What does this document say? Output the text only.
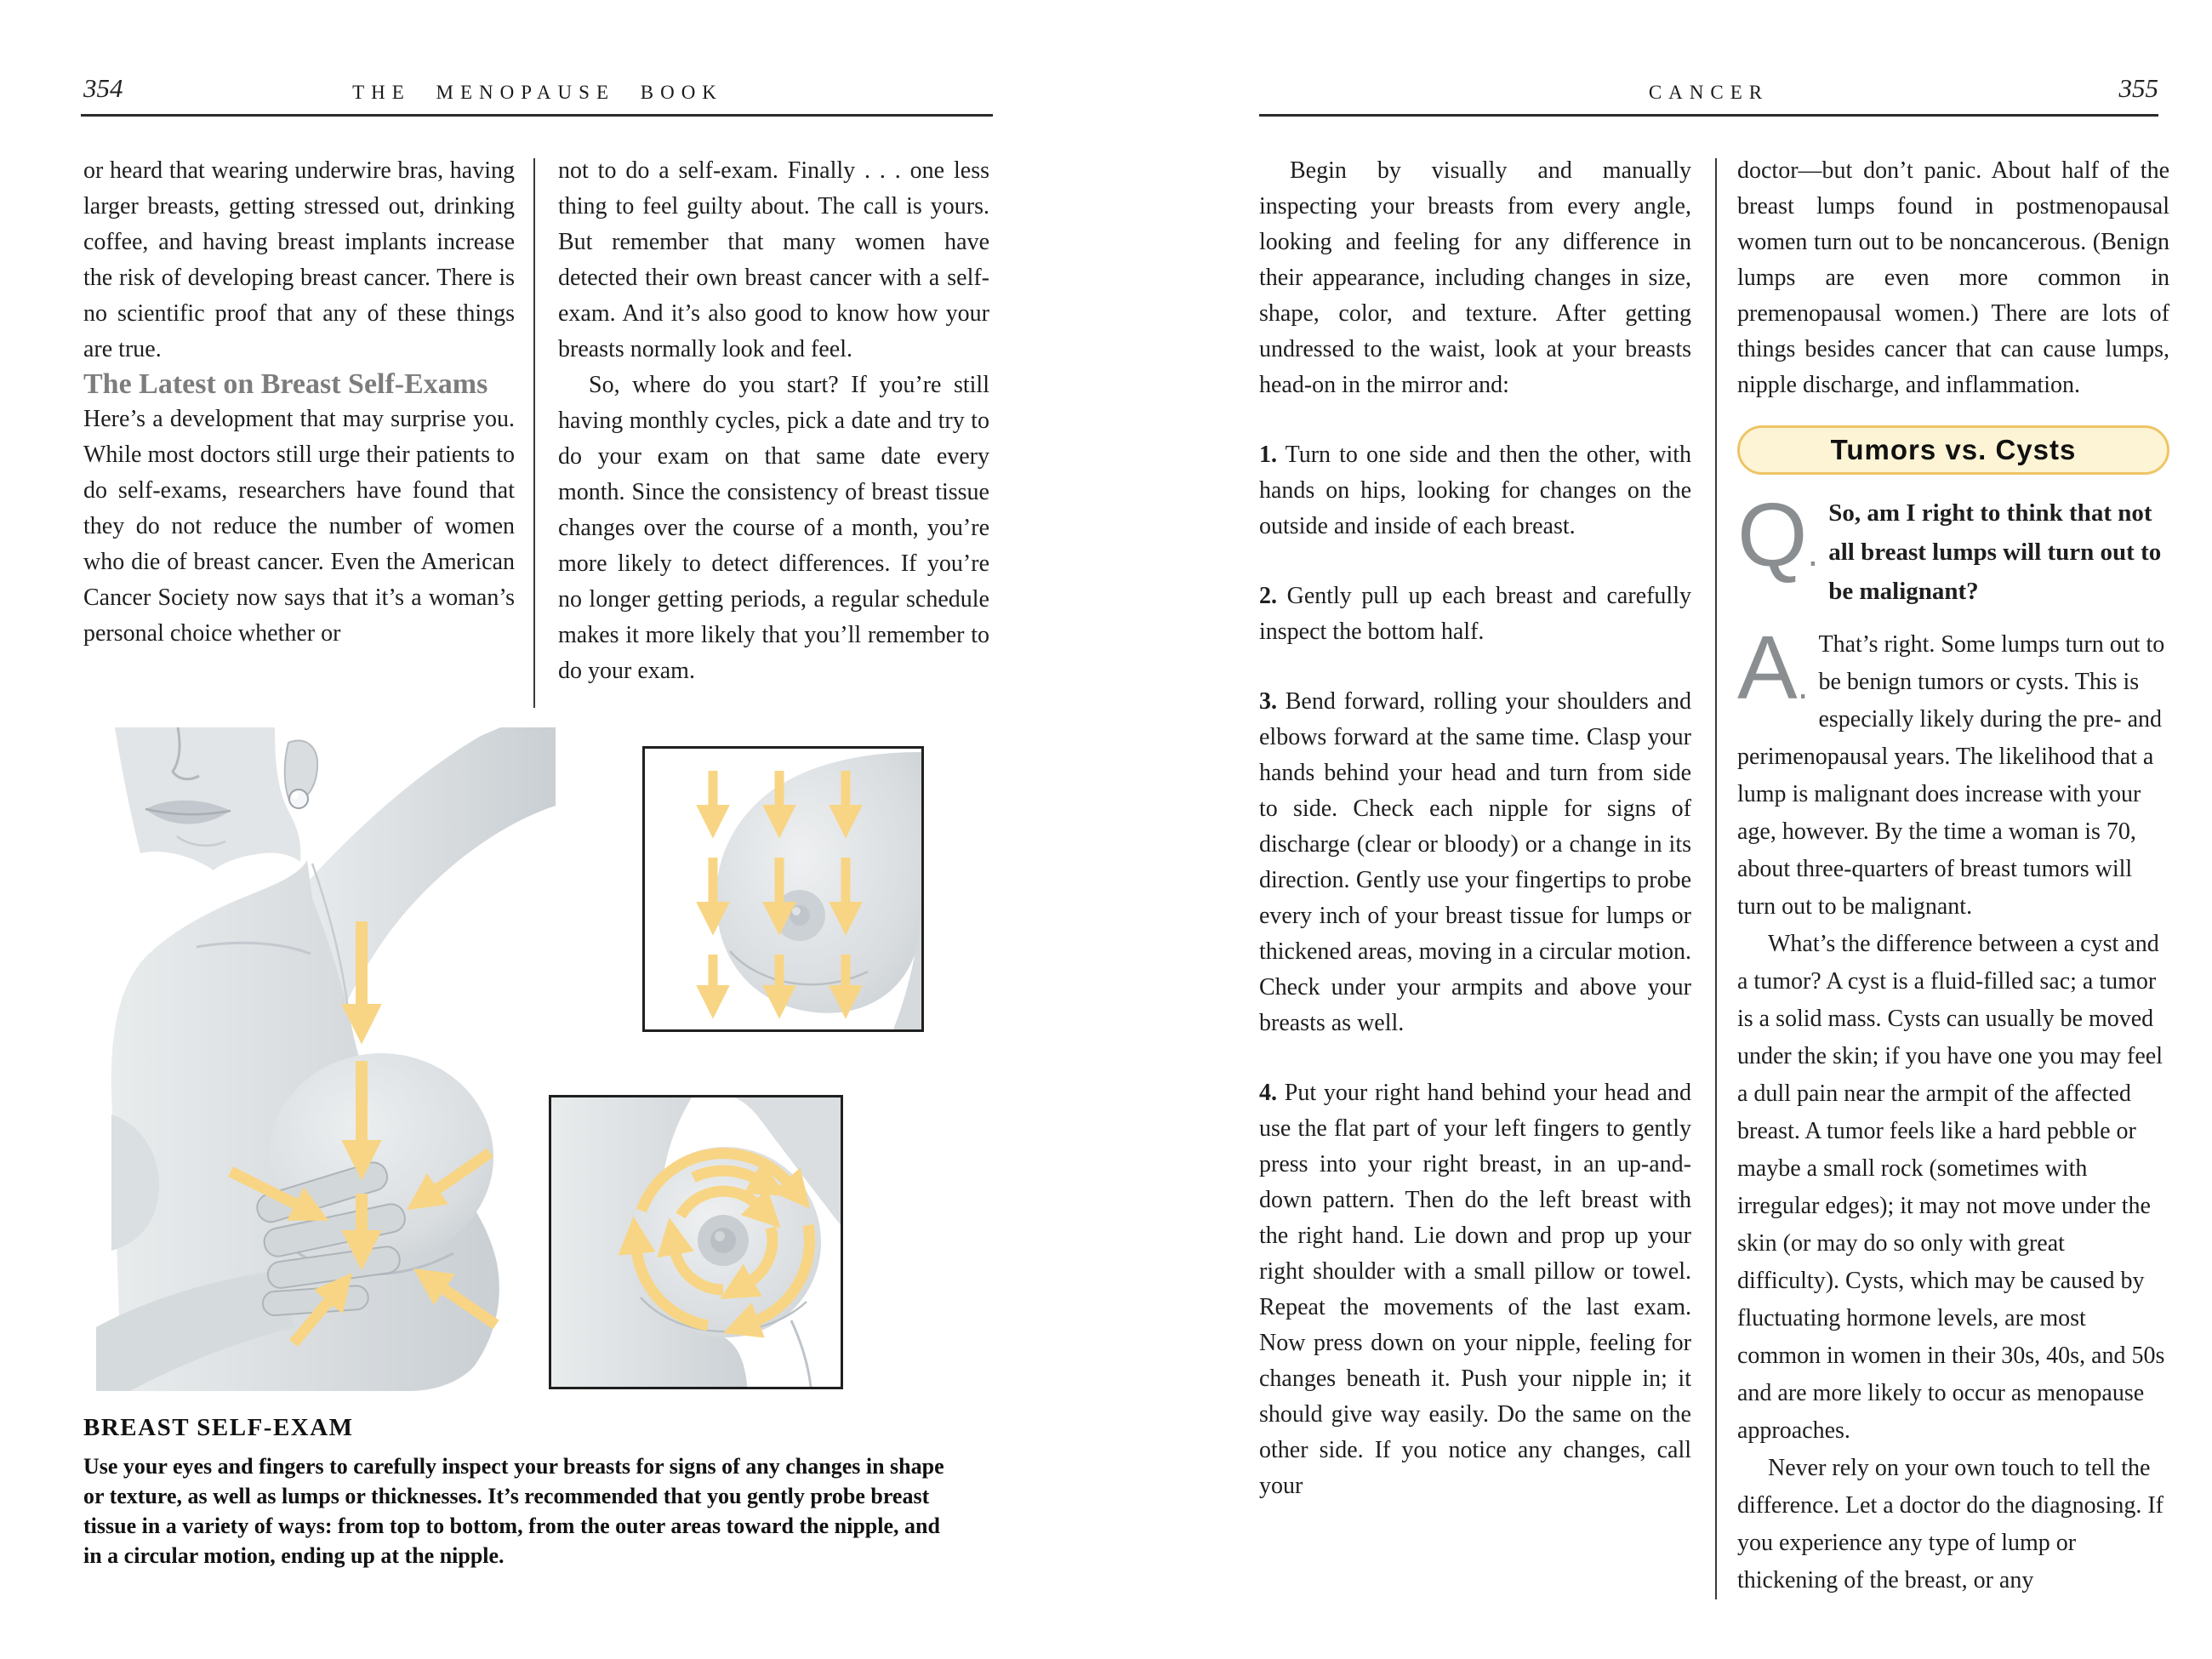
354	THE MENOPAUSE BOOK

or heard that wearing underwire bras, having larger breasts, getting stressed out, drinking coffee, and having breast implants increase the risk of developing breast cancer. There is no scientific proof that any of these things are true.

The Latest on Breast Self-Exams

Here’s a development that may surprise you. While most doctors still urge their patients to do self-exams, researchers have found that they do not reduce the number of women who die of breast cancer. Even the American Cancer Society now says that it’s a woman’s personal choice whether or

not to do a self-exam. Finally . . . one less thing to feel guilty about. The call is yours. But remember that many women have detected their own breast cancer with a self-exam. And it’s also good to know how your breasts normally look and feel.

So, where do you start? If you’re still having monthly cycles, pick a date and try to do your exam on that same date every month. Since the consistency of breast tissue changes over the course of a month, you’re more likely to detect differences. If you’re no longer getting periods, a regular schedule makes it more likely that you’ll remember to do your exam.

BREAST SELF-EXAM
Use your eyes and fingers to carefully inspect your breasts for signs of any changes in shape or texture, as well as lumps or thicknesses. It’s recommended that you gently probe breast tissue in a variety of ways: from top to bottom, from the outer areas toward the nipple, and in a circular motion, ending up at the nipple.
CANCER	355

Begin by visually and manually inspecting your breasts from every angle, looking and feeling for any difference in their appearance, including changes in size, shape, color, and texture. After getting undressed to the waist, look at your breasts head-on in the mirror and:

1. Turn to one side and then the other, with hands on hips, looking for changes on the outside and inside of each breast.

2. Gently pull up each breast and carefully inspect the bottom half.

3. Bend forward, rolling your shoulders and elbows forward at the same time. Clasp your hands behind your head and turn from side to side. Check each nipple for signs of discharge (clear or bloody) or a change in its direction. Gently use your fingertips to probe every inch of your breast tissue for lumps or thickened areas, moving in a circular motion. Check under your armpits and above your breasts as well.

4. Put your right hand behind your head and use the flat part of your left fingers to gently press into your right breast, in an up-and-down pattern. Then do the left breast with the right hand. Lie down and prop up your right shoulder with a small pillow or towel. Repeat the movements of the last exam. Now press down on your nipple, feeling for changes beneath it. Push your nipple in; it should give way easily. Do the same on the other side. If you notice any changes, call your

doctor—but don’t panic. About half of the breast lumps found in postmenopausal women turn out to be noncancerous. (Benign lumps are even more common in premenopausal women.) There are lots of things besides cancer that can cause lumps, nipple discharge, and inflammation.

Tumors vs. Cysts
Q.

So, am I right to think that not all breast lumps will turn out to be malignant?

A.

That’s right. Some lumps turn out to be benign tumors or cysts. This is especially likely during the pre- and perimenopausal years. The likelihood that a lump is malignant does increase with your age, however. By the time a woman is 70, about three-quarters of breast tumors will turn out to be malignant.

What’s the difference between a cyst and a tumor? A cyst is a fluid-filled sac; a tumor is a solid mass. Cysts can usually be moved under the skin; if you have one you may feel a dull pain near the armpit of the affected breast. A tumor feels like a hard pebble or maybe a small rock (sometimes with irregular edges); it may not move under the skin (or may do so only with great difficulty). Cysts, which may be caused by fluctuating hormone levels, are most common in women in their 30s, 40s, and 50s and are more likely to occur as menopause approaches.

Never rely on your own touch to tell the difference. Let a doctor do the diagnosing. If you experience any type of lump or thickening of the breast, or any
